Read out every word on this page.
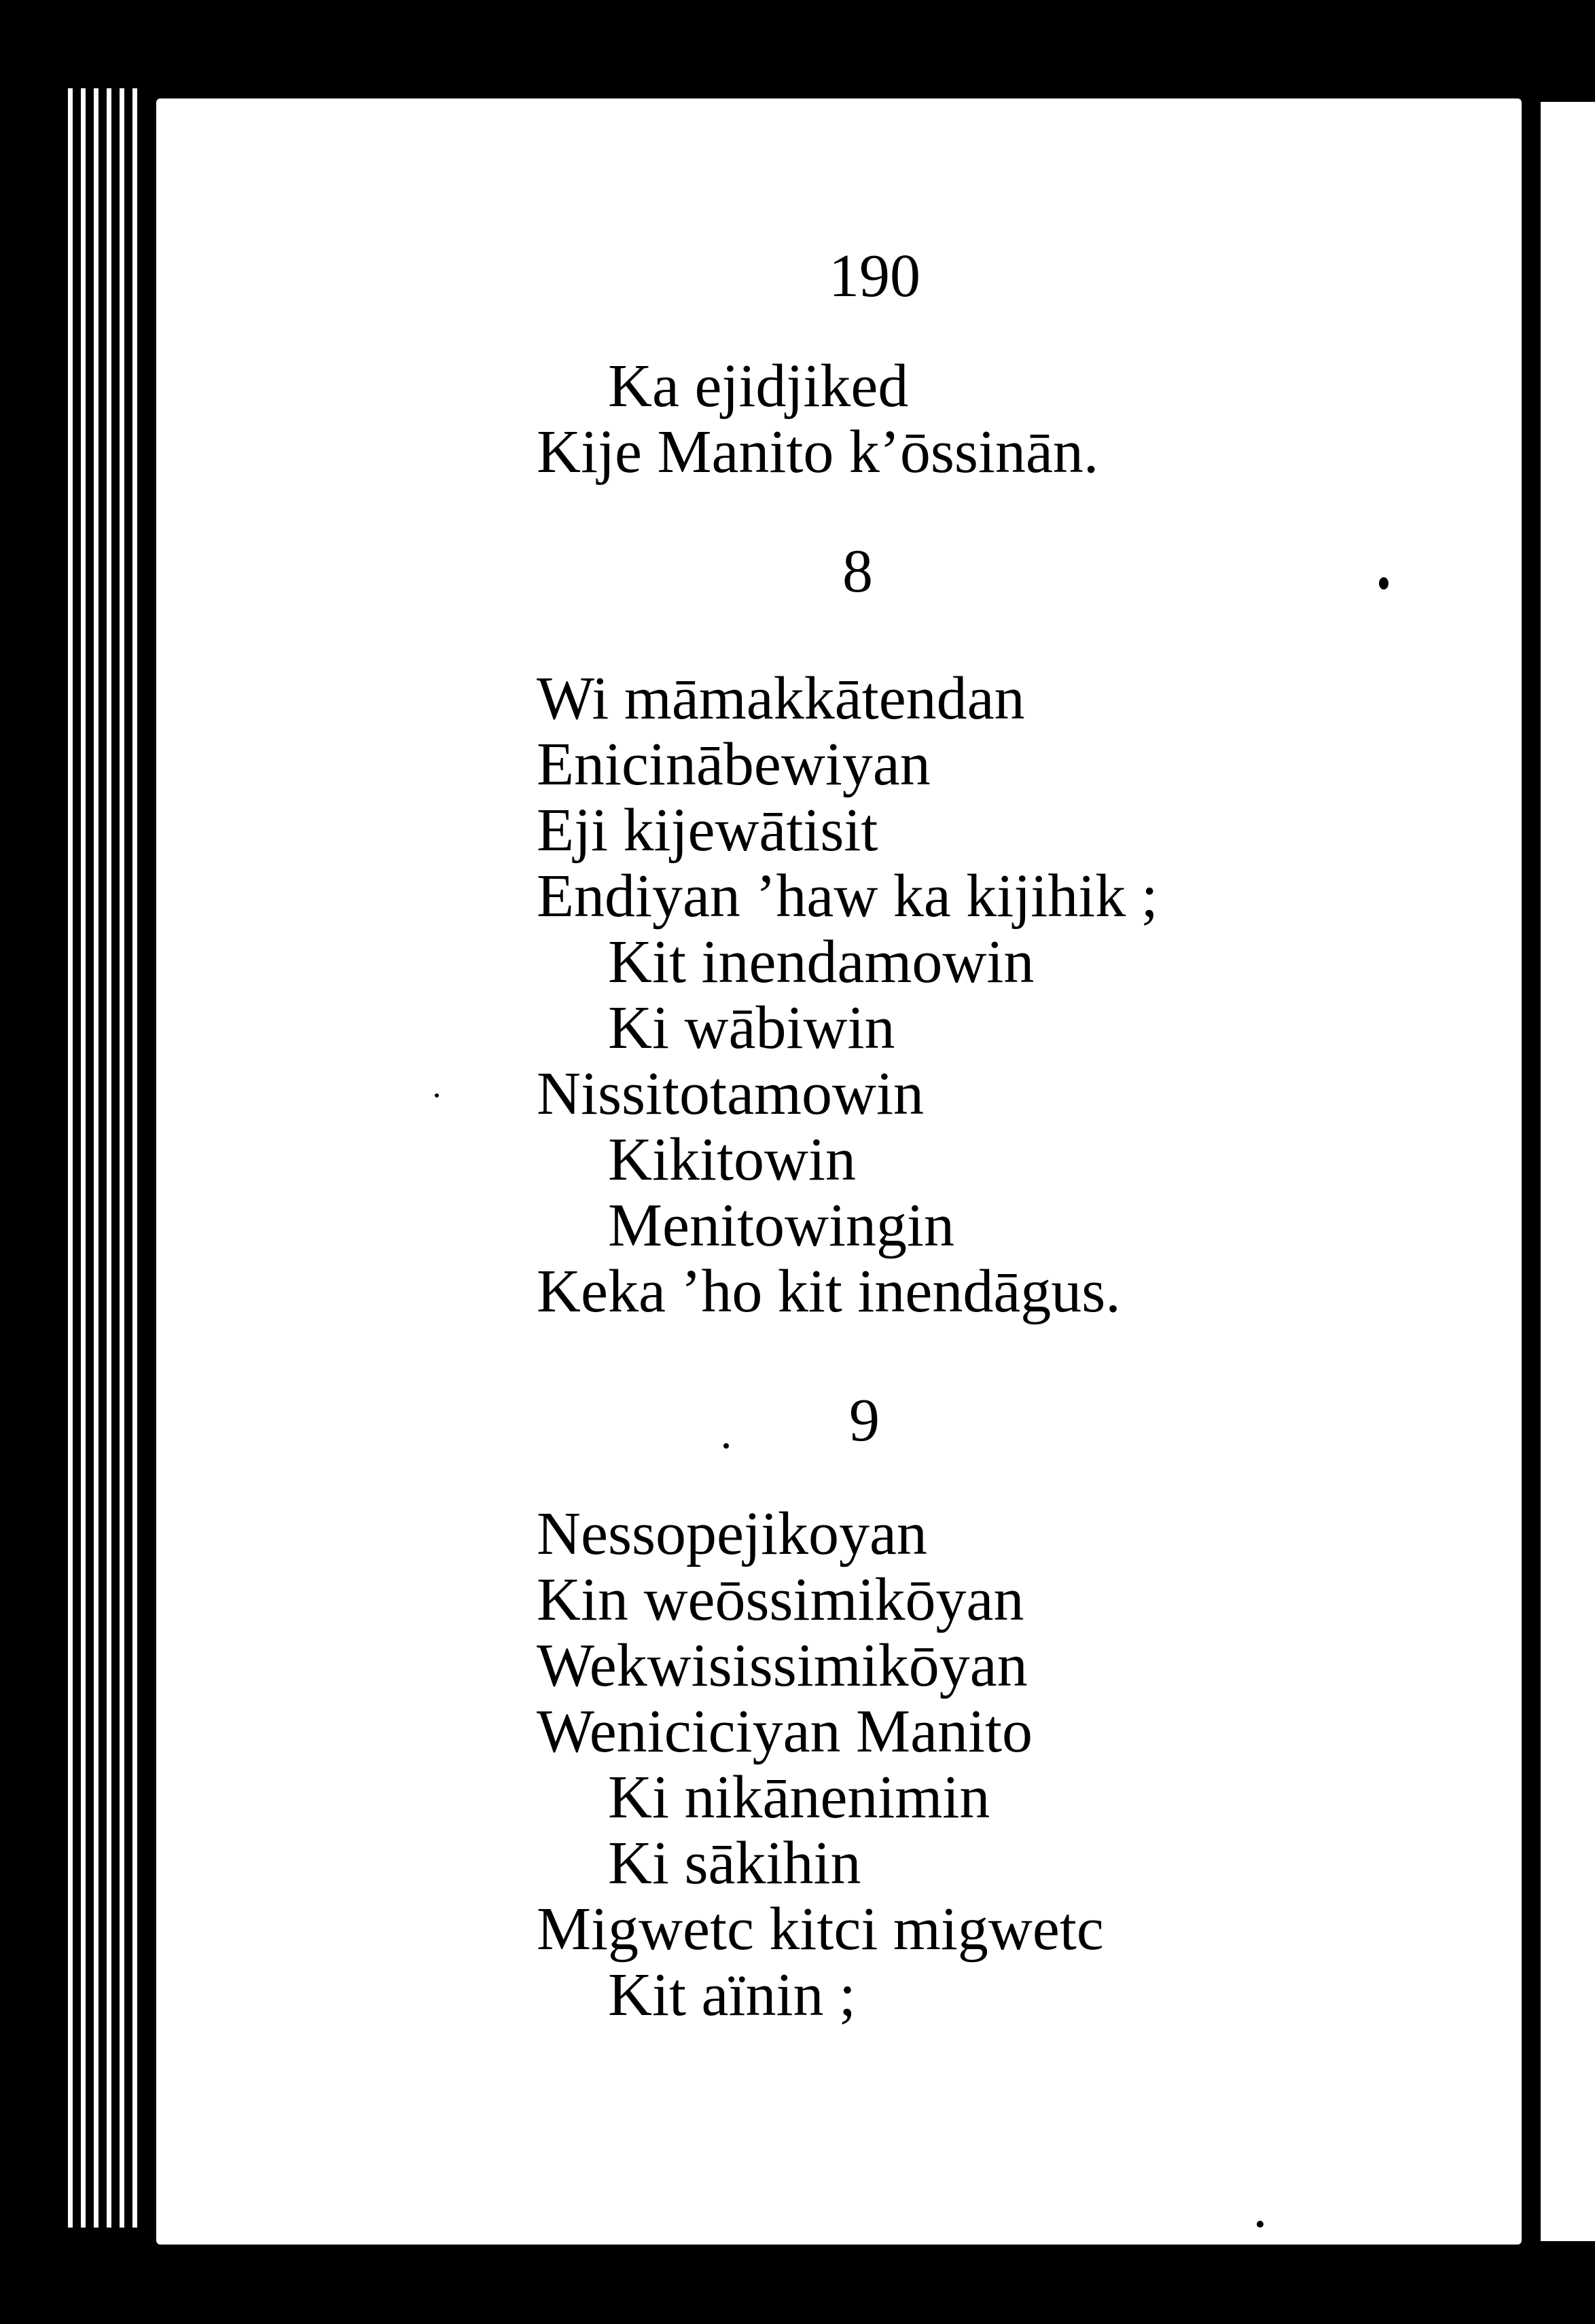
190
Ka ejidjiked
Kije Manito k’ōssinān.
8
Wi māmakkātendan
Enicinābewiyan
Eji kijewātisit
Endiyan ’haw ka kijihik ;
Kit inendamowin
Ki wābiwin
Nissitotamowin
Kikitowin
Menitowingin
Keka ’ho kit inendāgus.
9
Nessopejikoyan
Kin weōssimikōyan
Wekwisissimikōyan
Weniciciyan Manito
Ki nikānenimin
Ki sākihin
Migwetc kitci migwetc
Kit aïnin ;
